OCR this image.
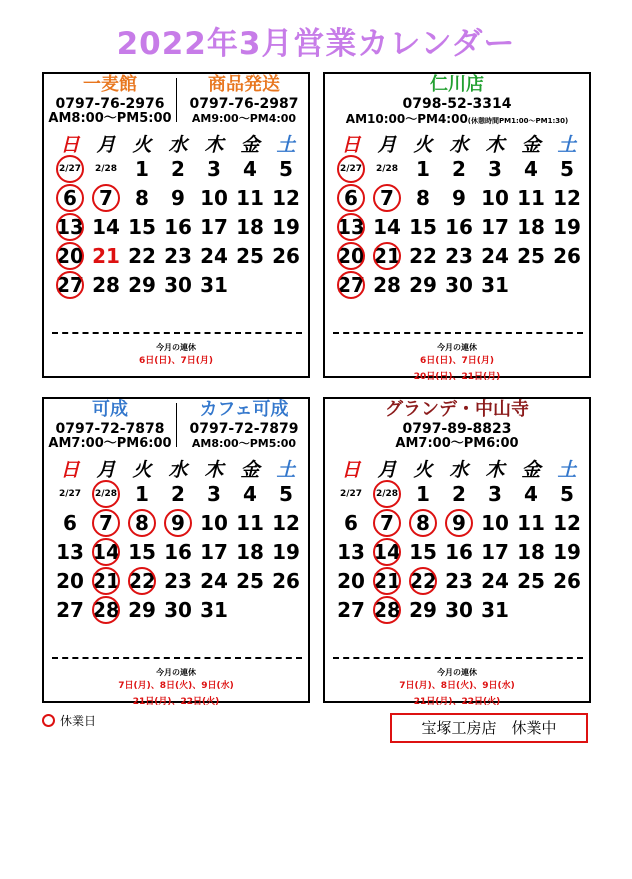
2022年3月営業カレンダー
一麦館
0797-76-2976
AM8:00～PM5:00
商品発送
0797-76-2987
AM9:00～PM4:00
日 月 火 水 木 金 土
2/27	2/28 1	2	3	4	5
6	7	8	9 10 11 12
13 14 15 16 17 18 19
20 21 22 23 24 25 26
27 28 29 30 31
今月の連休
6日(日)、7日(月)
仁川店
0798-52-3314
AM10:00～PM4:00(休憩時間PM1:00～PM1:30)
日 月 火 水 木 金 土
2/27	2/28 1	2	3	4	5
6	7	8	9 10 11 12
13 14 15 16 17 18 19
20 21 22 23 24 25 26
27 28 29 30 31
今月の連休
6日(日)、7日(月)
20日(日)、21日(月)
可成
0797-72-7878
AM7:00～PM6:00
カフェ可成
0797-72-7879
AM8:00～PM5:00
日 月 火 水 木 金 土
2/27	2/28 1	2	3	4	5
6	7	8	9 10 11 12
13 14 15 16 17 18 19
20 21 22 23 24 25 26
27 28 29 30 31
今月の連休
7日(月)、8日(火)、9日(水)
21日(月)、22日(火)
グランデ・中山寺
0797-89-8823
AM7:00～PM6:00
日 月 火 水 木 金 土
2/27	2/28 1	2	3	4	5
6	7	8	9 10 11 12
13 14 15 16 17 18 19
20 21 22 23 24 25 26
27 28 29 30 31
今月の連休
7日(月)、8日(火)、9日(水)
21日(月)、22日(火)
休業日	宝塚工房店　休業中
